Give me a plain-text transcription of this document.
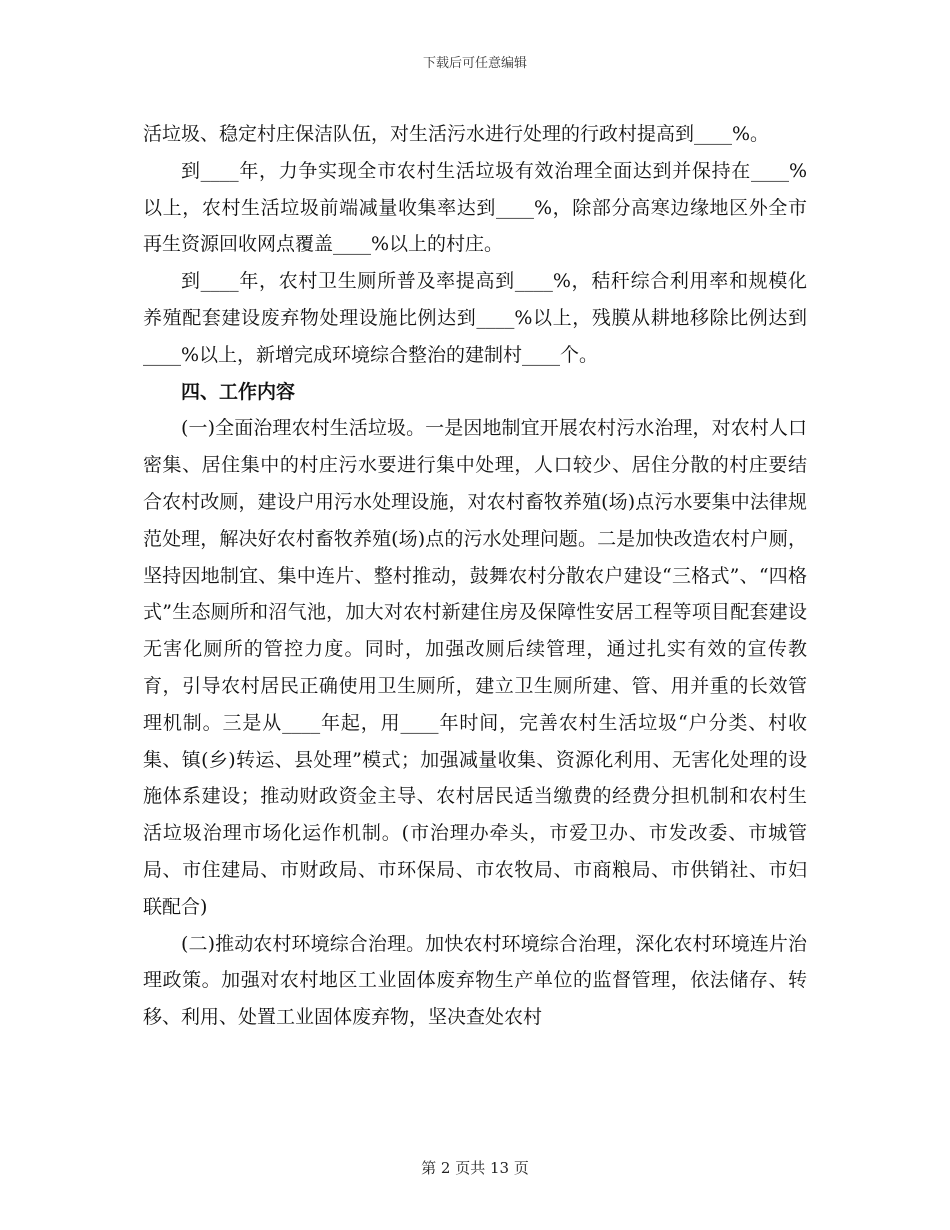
下载后可任意编辑

活垃圾、稳定村庄保洁队伍，对生活污水进行处理的行政村提高到____%。

到____年，力争实现全市农村生活垃圾有效治理全面达到并保持在____%以上，农村生活垃圾前端减量收集率达到____%，除部分高寒边缘地区外全市再生资源回收网点覆盖____%以上的村庄。

到____年，农村卫生厕所普及率提高到____%，秸秆综合利用率和规模化养殖配套建设废弃物处理设施比例达到____%以上，残膜从耕地移除比例达到____%以上，新增完成环境综合整治的建制村____个。

四、工作内容

(一)全面治理农村生活垃圾。一是因地制宜开展农村污水治理，对农村人口密集、居住集中的村庄污水要进行集中处理，人口较少、居住分散的村庄要结合农村改厕，建设户用污水处理设施，对农村畜牧养殖(场)点污水要集中法律规范处理，解决好农村畜牧养殖(场)点的污水处理问题。二是加快改造农村户厕，坚持因地制宜、集中连片、整村推动，鼓舞农村分散农户建设“三格式”、“四格式”生态厕所和沼气池，加大对农村新建住房及保障性安居工程等项目配套建设无害化厕所的管控力度。同时，加强改厕后续管理，通过扎实有效的宣传教育，引导农村居民正确使用卫生厕所，建立卫生厕所建、管、用并重的长效管理机制。三是从____年起，用____年时间，完善农村生活垃圾“户分类、村收集、镇(乡)转运、县处理”模式；加强减量收集、资源化利用、无害化处理的设施体系建设；推动财政资金主导、农村居民适当缴费的经费分担机制和农村生活垃圾治理市场化运作机制。(市治理办牵头，市爱卫办、市发改委、市城管局、市住建局、市财政局、市环保局、市农牧局、市商粮局、市供销社、市妇联配合)

(二)推动农村环境综合治理。加快农村环境综合治理，深化农村环境连片治理政策。加强对农村地区工业固体废弃物生产单位的监督管理，依法储存、转移、利用、处置工业固体废弃物，坚决查处农村

第 2 页共 13 页
